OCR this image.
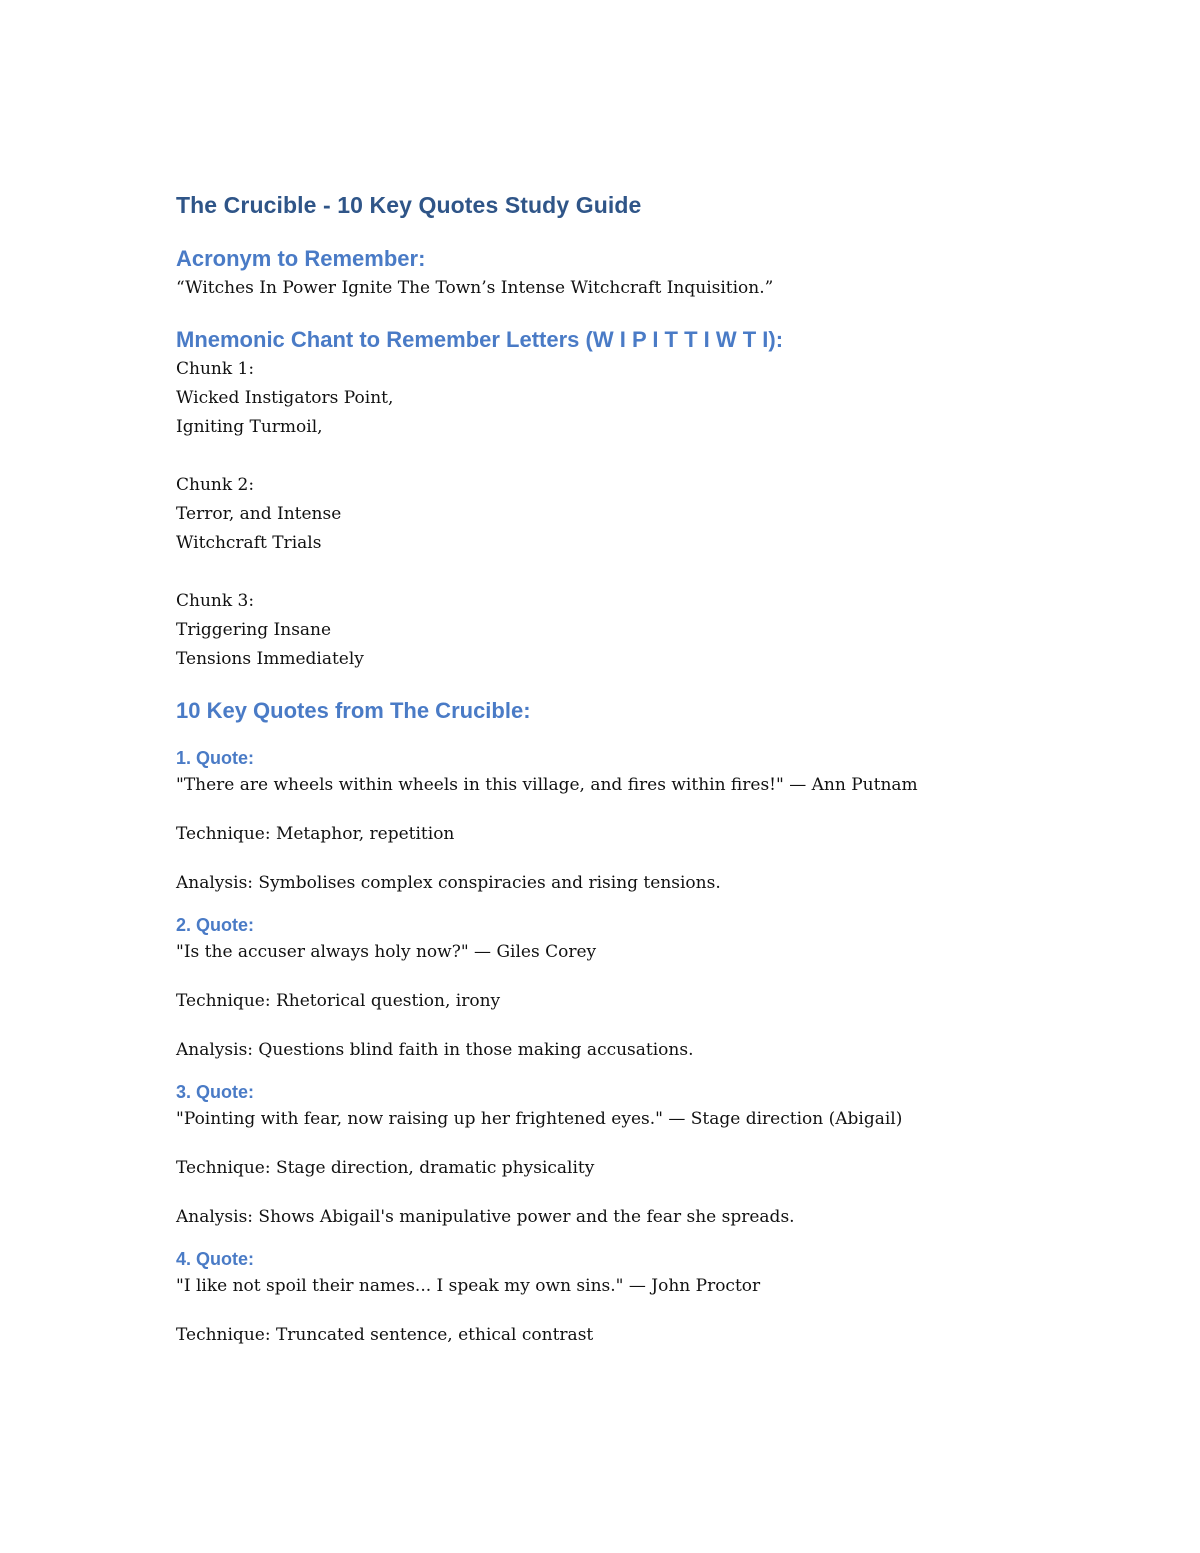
The Crucible - 10 Key Quotes Study Guide

Acronym to Remember:

“Witches In Power Ignite The Town’s Intense Witchcraft Inquisition.”

Mnemonic Chant to Remember Letters (W I P I T T I W T I):

Chunk 1:

Wicked Instigators Point,

Igniting Turmoil,

Chunk 2:

Terror, and Intense

Witchcraft Trials

Chunk 3:

Triggering Insane

Tensions Immediately

10 Key Quotes from The Crucible:

1. Quote:

"There are wheels within wheels in this village, and fires within fires!" — Ann Putnam

Technique: Metaphor, repetition

Analysis: Symbolises complex conspiracies and rising tensions.

2. Quote:

"Is the accuser always holy now?" — Giles Corey

Technique: Rhetorical question, irony

Analysis: Questions blind faith in those making accusations.

3. Quote:

"Pointing with fear, now raising up her frightened eyes." — Stage direction (Abigail)

Technique: Stage direction, dramatic physicality

Analysis: Shows Abigail's manipulative power and the fear she spreads.

4. Quote:

"I like not spoil their names... I speak my own sins." — John Proctor

Technique: Truncated sentence, ethical contrast
